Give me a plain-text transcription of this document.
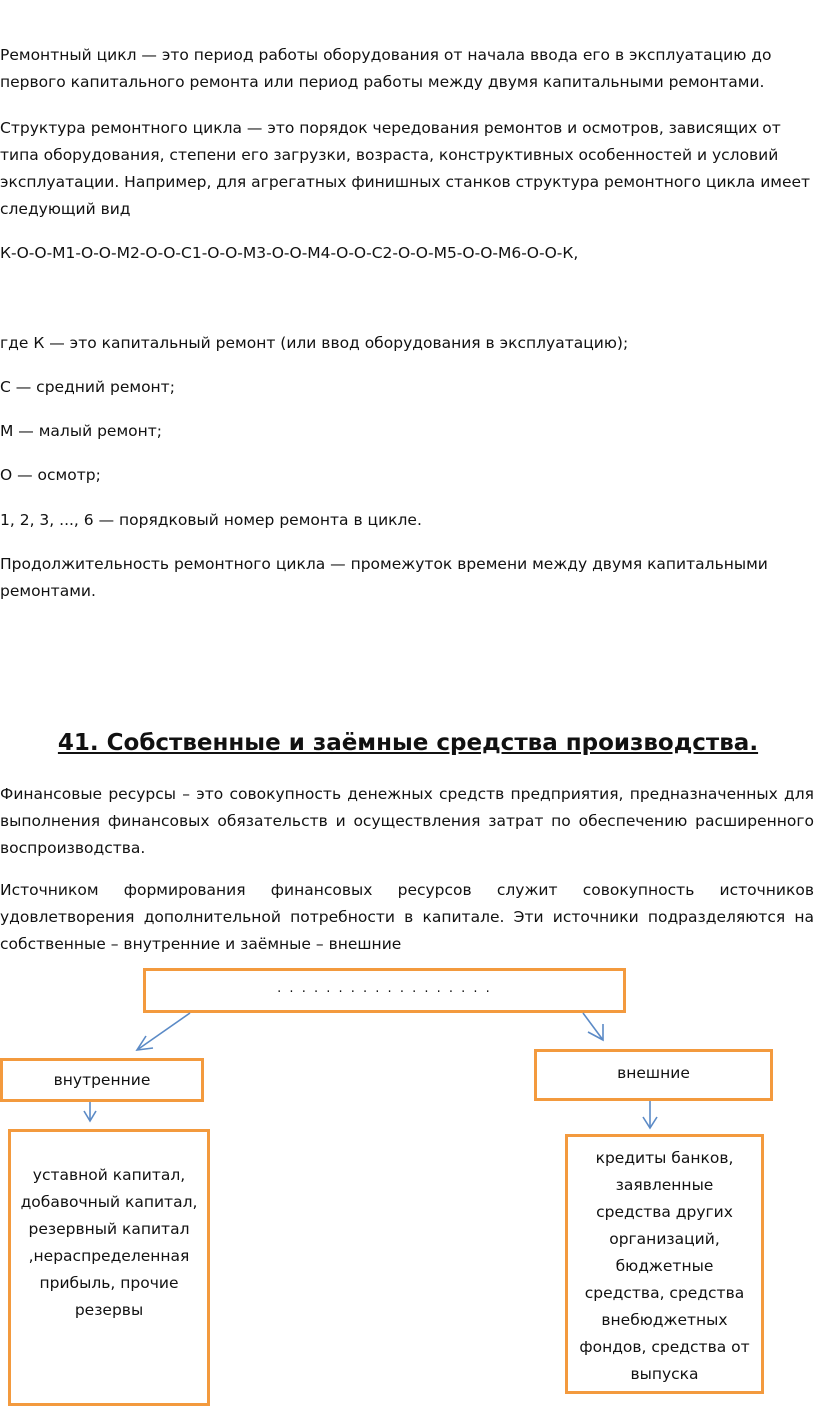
Ремонтный цикл — это период работы оборудования от начала ввода его в эксплуатацию до первого капитального ремонта или период работы между двумя капитальными ремонтами.

Структура ремонтного цикла — это порядок чередования ремонтов и осмотров, зависящих от типа оборудования, степени его загрузки, возраста, конструктивных особенностей и условий эксплуатации. Например, для агрегатных финишных станков структура ремонтного цикла имеет следующий вид

К-О-О-М1-О-О-М2-О-О-С1-О-О-М3-О-О-М4-О-О-С2-О-О-М5-О-О-М6-О-О-К,

где К — это капитальный ремонт (или ввод оборудования в эксплуатацию);

С — средний ремонт;

М — малый ремонт;

О — осмотр;

1, 2, 3, ..., 6 — порядковый номер ремонта в цикле.

Продолжительность ремонтного цикла — промежуток времени между двумя капитальными ремонтами.

41. Собственные и заёмные средства производства.

Финансовые ресурсы – это совокупность денежных средств предприятия, предназначенных для выполнения финансовых обязательств и осуществления затрат по обеспечению расширенного воспроизводства.

Источником формирования финансовых ресурсов служит совокупность источников удовлетворения дополнительной потребности в капитале. Эти источники подразделяются на собственные – внутренние и заёмные – внешние

. . . . . . . . . . . . . . . . . .
внутренние	внешние
уставной капитал, добавочный капитал, резервный капитал ,нераспределенная прибыль, прочие резервы
кредиты банков, заявленные средства других организаций, бюджетные средства, средства внебюджетных фондов, средства от выпуска
